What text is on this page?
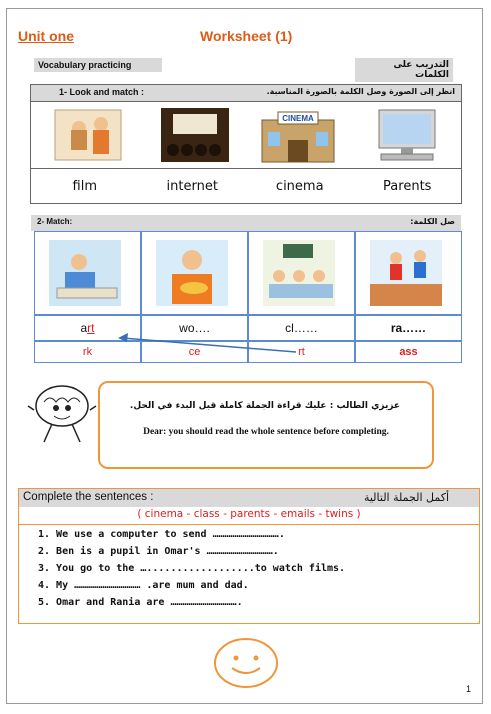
Unit one	Worksheet (1)
Vocabulary practicing	التدريب على الكلمات
1- Look and match :	انظر إلى الصورة وصل الكلمة بالصورة المناسبة.
CINEMA
film	internet	cinema	Parents
2- Match:	صل الكلمة:
art	wo….	cl……	ra……
rk	ce	rt	ass
عزيزي الطالب : عليك قراءة الجملة كاملة قبل البدء في الحل.
Dear: you should read the whole sentence before completing.
Complete the sentences :	أكمل الجملة التالية
( cinema - class - parents - emails - twins )
1. We use a computer to send …………………………….
2. Ben is a pupil in Omar's …………………………….
3. You go to the …..................to watch films.
4. My …………………………… .are mum and dad.
5. Omar and Rania are …………………………….
1
